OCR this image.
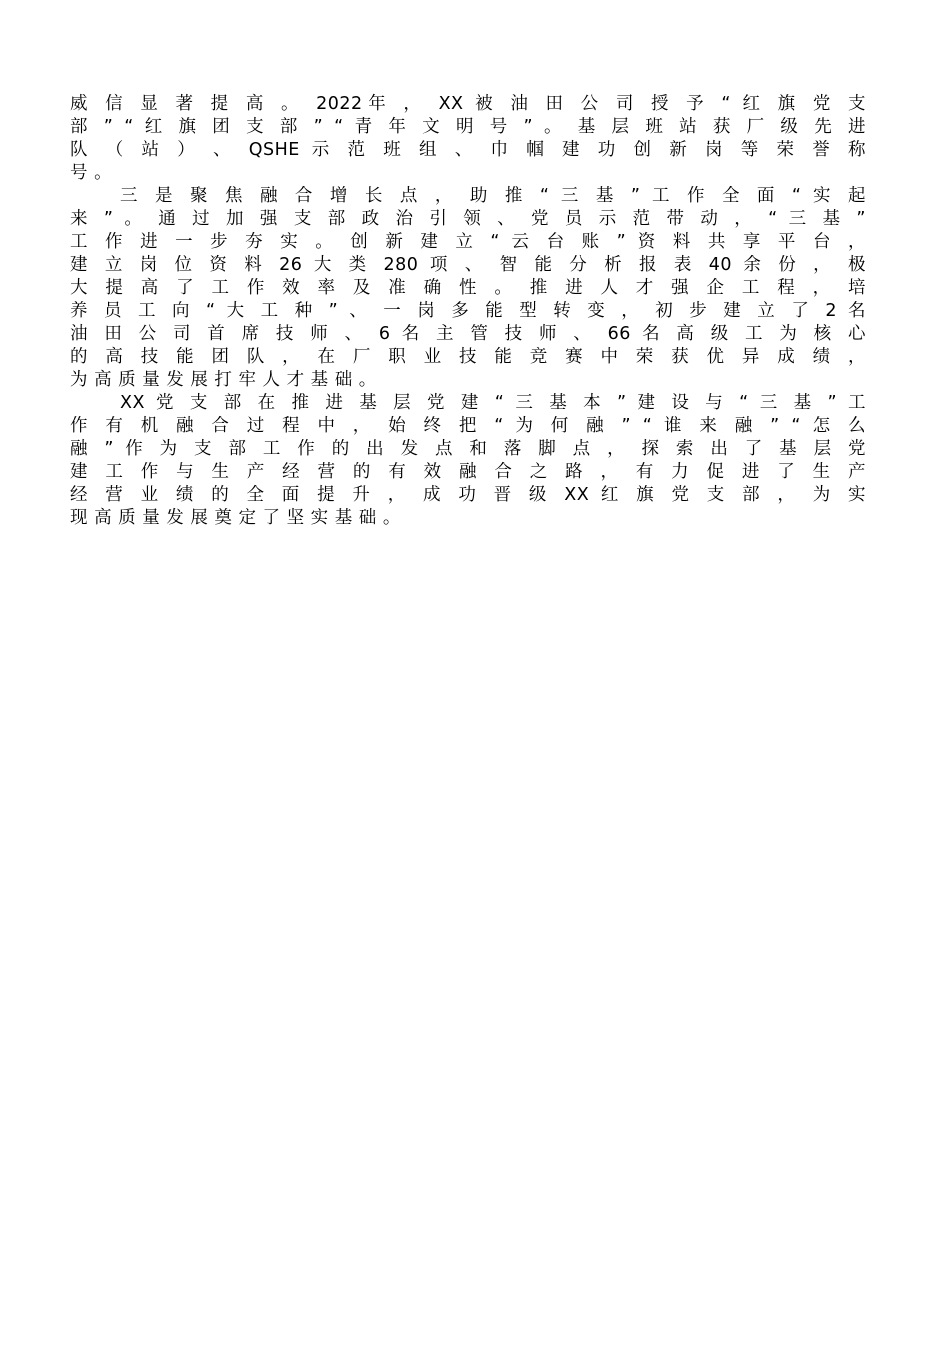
威 信 显 著 提 高 。 2022年 ， XX 被 油 田 公 司 授 予 “ 红 旗 党 支
部 ” “ 红 旗 团 支 部 ” “ 青 年 文 明 号 ” 。 基 层 班 站 获 厂 级 先 进
队 （ 站 ） 、 QSHE 示 范 班 组 、 巾 帼 建 功 创 新 岗 等 荣 誉 称
号 。
三 是 聚 焦 融 合 增 长 点 ， 助 推 “ 三 基 ” 工 作 全 面 “ 实 起
来 ” 。 通 过 加 强 支 部 政 治 引 领 、 党 员 示 范 带 动 ， “ 三 基 ”
工 作 进 一 步 夯 实 。 创 新 建 立 “ 云 台 账 ” 资 料 共 享 平 台 ，
建 立 岗 位 资 料 26 大 类 280 项 、 智 能 分 析 报 表 40 余 份 ， 极
大 提 高 了 工 作 效 率 及 准 确 性 。 推 进 人 才 强 企 工 程 ， 培
养 员 工 向 “ 大 工 种 ” 、 一 岗 多 能 型 转 变 ， 初 步 建 立 了 2 名
油 田 公 司 首 席 技 师 、 6 名 主 管 技 师 、 66 名 高 级 工 为 核 心
的 高 技 能 团 队 ， 在 厂 职 业 技 能 竞 赛 中 荣 获 优 异 成 绩 ，
为 高 质 量 发 展 打 牢 人 才 基 础 。
XX 党 支 部 在 推 进 基 层 党 建 “ 三 基 本 ” 建 设 与 “ 三 基 ” 工
作 有 机 融 合 过 程 中 ， 始 终 把 “ 为 何 融 ” “ 谁 来 融 ” “ 怎 么
融 ” 作 为 支 部 工 作 的 出 发 点 和 落 脚 点 ， 探 索 出 了 基 层 党
建 工 作 与 生 产 经 营 的 有 效 融 合 之 路 ， 有 力 促 进 了 生 产
经 营 业 绩 的 全 面 提 升 ， 成 功 晋 级 XX 红 旗 党 支 部 ， 为 实
现 高 质 量 发 展 奠 定 了 坚 实 基 础 。
